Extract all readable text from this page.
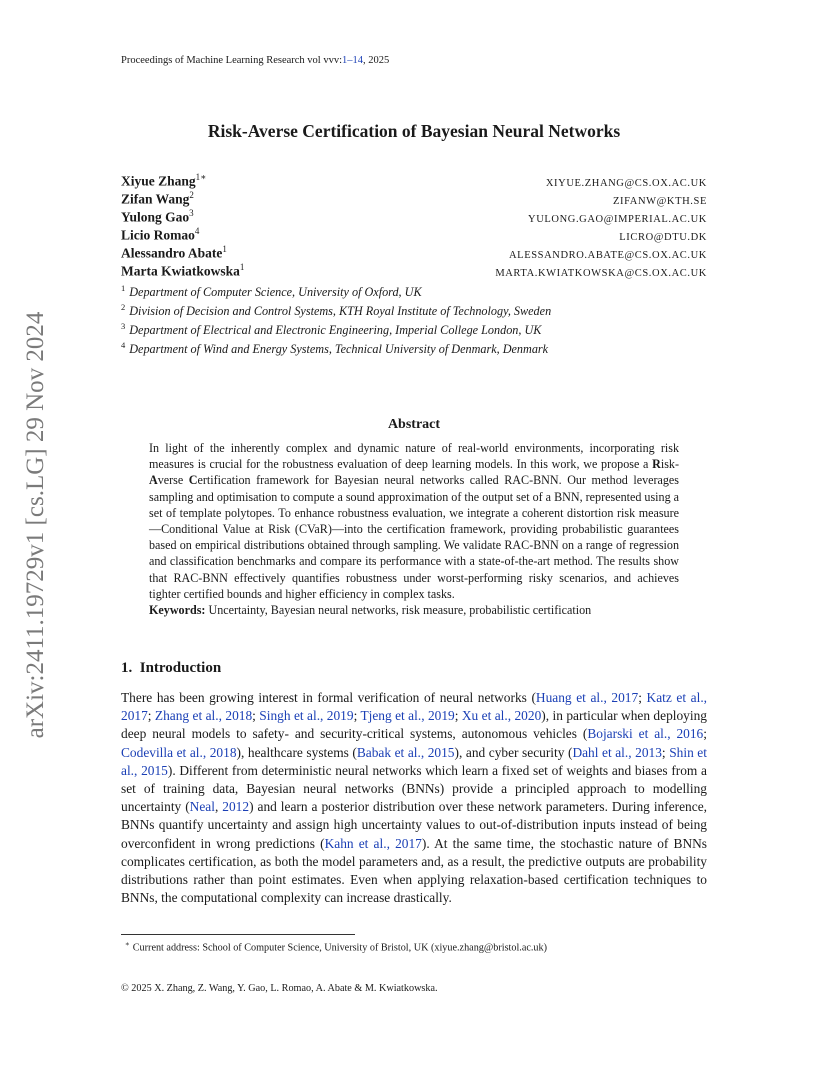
Proceedings of Machine Learning Research vol vvv:1–14, 2025
arXiv:2411.19729v1 [cs.LG] 29 Nov 2024
Risk-Averse Certification of Bayesian Neural Networks
Xiyue Zhang$^{1∗}$
XIYUE.ZHANG@CS.OX.AC.UK
Zifan Wang$^2$
ZIFANW@KTH.SE
Yulong Gao$^3$
YULONG.GAO@IMPERIAL.AC.UK
Licio Romao$^4$
LICRO@DTU.DK
Alessandro Abate$^1$
ALESSANDRO.ABATE@CS.OX.AC.UK
Marta Kwiatkowska$^1$
MARTA.KWIATKOWSKA@CS.OX.AC.UK
$^1$ Department of Computer Science, University of Oxford, UK
$^2$ Division of Decision and Control Systems, KTH Royal Institute of Technology, Sweden
$^3$ Department of Electrical and Electronic Engineering, Imperial College London, UK
$^4$ Department of Wind and Energy Systems, Technical University of Denmark, Denmark
Abstract

In light of the inherently complex and dynamic nature of real-world environments, incorporating risk measures is crucial for the robustness evaluation of deep learning models. In this work, we propose a Risk-Averse Certification framework for Bayesian neural networks called RAC-BNN. Our method leverages sampling and optimisation to compute a sound approximation of the output set of a BNN, represented using a set of template polytopes. To enhance robustness evaluation, we integrate a coherent distortion risk measure—Conditional Value at Risk (CVaR)—into the certification framework, providing probabilistic guarantees based on empirical distributions obtained through sampling. We validate RAC-BNN on a range of regression and classification benchmarks and compare its performance with a state-of-the-art method. The results show that RAC-BNN effectively quantifies robustness under worst-performing risky scenarios, and achieves tighter certified bounds and higher efficiency in complex tasks.

Keywords: Uncertainty, Bayesian neural networks, risk measure, probabilistic certification

1. Introduction

There has been growing interest in formal verification of neural networks (Huang et al., 2017; Katz et al., 2017; Zhang et al., 2018; Singh et al., 2019; Tjeng et al., 2019; Xu et al., 2020), in particular when deploying deep neural models to safety- and security-critical systems, autonomous vehicles (Bojarski et al., 2016; Codevilla et al., 2018), healthcare systems (Babak et al., 2015), and cyber security (Dahl et al., 2013; Shin et al., 2015). Different from deterministic neural networks which learn a fixed set of weights and biases from a set of training data, Bayesian neural networks (BNNs) provide a principled approach to modelling uncertainty (Neal, 2012) and learn a posterior distribution over these network parameters. During inference, BNNs quantify uncertainty and assign high uncertainty values to out-of-distribution inputs instead of being overconfident in wrong predictions (Kahn et al., 2017). At the same time, the stochastic nature of BNNs complicates certification, as both the model parameters and, as a result, the predictive outputs are probability distributions rather than point estimates. Even when applying relaxation-based certification techniques to BNNs, the computational complexity can increase drastically.

∗ Current address: School of Computer Science, University of Bristol, UK (xiyue.zhang@bristol.ac.uk)
© 2025 X. Zhang, Z. Wang, Y. Gao, L. Romao, A. Abate & M. Kwiatkowska.
